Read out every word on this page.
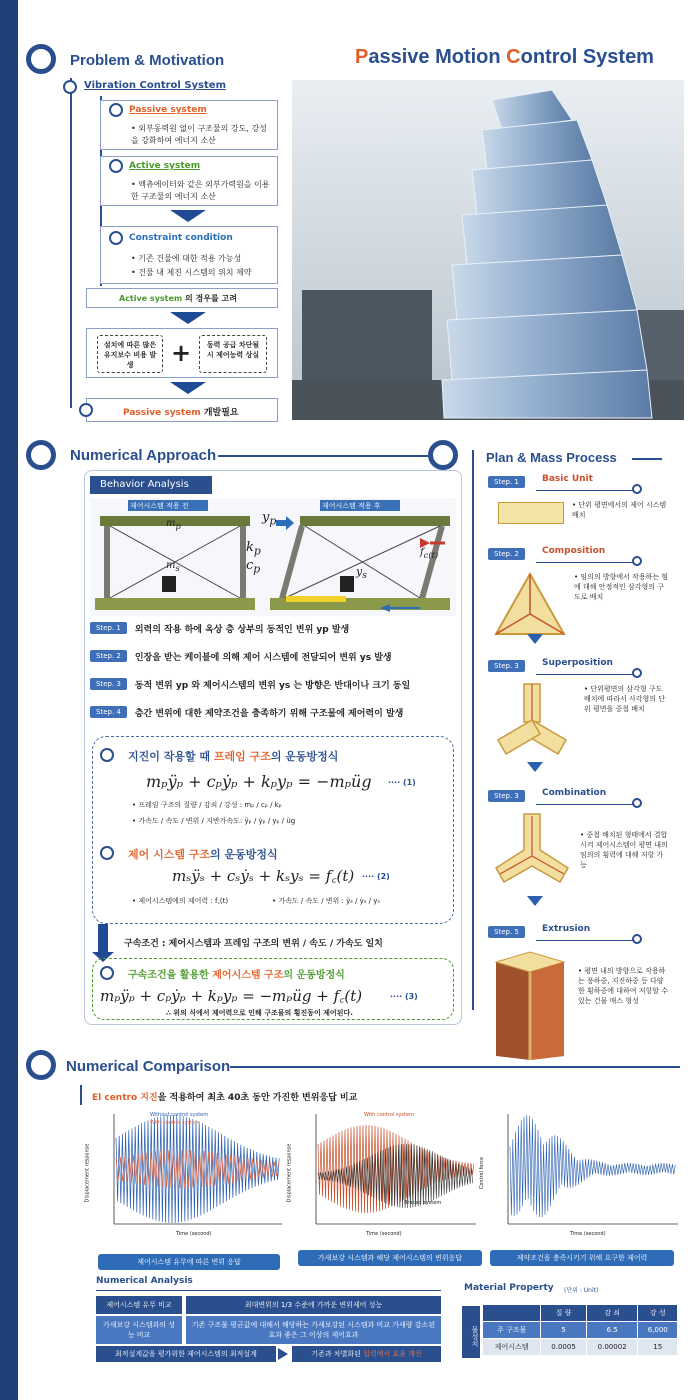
Problem & Motivation	Passive Motion Control System
Vibration Control System
Passive system
• 외부동력원 없이 구조물의 강도, 강성을 강화하여 에너지 소산
Active system
• 액츄에이터와 같은 외부가력원을 이용한 구조물의 에너지 소산
Constraint condition
• 기존 건물에 대한 적용 가능성
• 건물 내 제진 시스템의 위치 제약
Active system 의 경우를 고려
설치에 따른 많은 유지보수 비용 발생	+	동력 공급 차단될 시 제어능력 상실
Passive system 개발필요
Numerical Approach
Behavior Analysis
제어시스템 적용 전	제어시스템 적용 후
$m_p$
$m_s$
$k_p$
$c_p$
$y_p$
$y_s$
$f_{c(t)}$
Step. 1	외력의 작용 하에 옥상 층 상부의 동적인 변위 yp 발생
Step. 2	인장을 받는 케이블에 의해 제어 시스템에 전달되어 변위 ys 발생
Step. 3	동적 변위 yp 와 제어시스템의 변위 ys 는 방향은 반대이나 크기 동일
Step. 4	층간 변위에 대한 제약조건을 충족하기 위해 구조물에 제어력이 발생
지진이 작용할 때 프레임 구조의 운동방정식
mₚÿₚ + cₚẏₚ + kₚyₚ = −mₚüg ···· (1)
• 프레임 구조의 질량 / 감쇠 / 강성 : mₚ / cₚ / kₚ
• 가속도 / 속도 / 변위 / 지반가속도: ÿₚ / ẏₚ / yₚ / üg
제어 시스템 구조의 운동방정식
mₛÿₛ + cₛẏₛ + kₛyₛ = f꜀(t) ···· (2)
• 제어시스템에의 제어력 : f꜀(t)	• 가속도 / 속도 / 변위 : ÿₛ / ẏₛ / yₛ
구속조건 : 제어시스템과 프레임 구조의 변위 / 속도 / 가속도 일치
구속조건을 활용한 제어시스템 구조의 운동방정식
mₚÿₚ + cₚẏₚ + kₚyₚ = −mₚüg + f꜀(t)	···· (3)
∴ 위의 식에서 제어력으로 인해 구조물의 횡진동이 제어된다.
Plan & Mass Process
Step. 1	Basic Unit
• 단위 평면에서의 제어 시스템 배치
Step. 2	Composition
• 임의의 방향에서 작용하는 힘에 대해 안정적인 삼각형의 구도로 배치
Step. 3	Superposition
• 단위평면의 삼각형 구도 배치에 따라서 사각형의 단위 평면을 중첩 배치
Step. 3	Combination
• 중첩 배치된 형태에서 결합시켜 제어시스템이 평면 내의 임의의 횡력에 대해 저항 가능
Step. 5	Extrusion
• 평면 내의 방향으로 작용하는 풍하중, 지진하중 등 다양한 횡하중에 대하여 저항할 수 있는 건물 매스 형성
Numerical Comparison
El centro 지진을 적용하여 최초 40초 동안 가진한 변위응답 비교
Without control system
With control system
Time (second)
Displacement response
With control system
Braced system
Time (second)
Displacement response
Time (second)
Control force
제어시스템 유무에 따른 변위 응답	가새보강 시스템과 해당 제어시스템의 변위응답	제약조건을 충족시키기 위해 요구한 제어력
Numerical Analysis
제어시스템 유무 비교	최대변위의 1/3 수준에 가까운 변위제어 성능
가새보강 시스템과의 성능 비교
기존 구조물 평균값에 대해서 해당하는 가새보강된 시스템과 비교 가새량 감소된 효과 좋은 그 이상의 제어효과
최적설계값을 평가위한 제어시스템의 최적설계	기존과 차별화된 입력에서 효율 개선
Material Property (단위 : Unit)
물성치
	질 량	감 쇠	강 성
주 구조물	5	6.5	6,000
제어시스템	0.0005	0.00002	15
